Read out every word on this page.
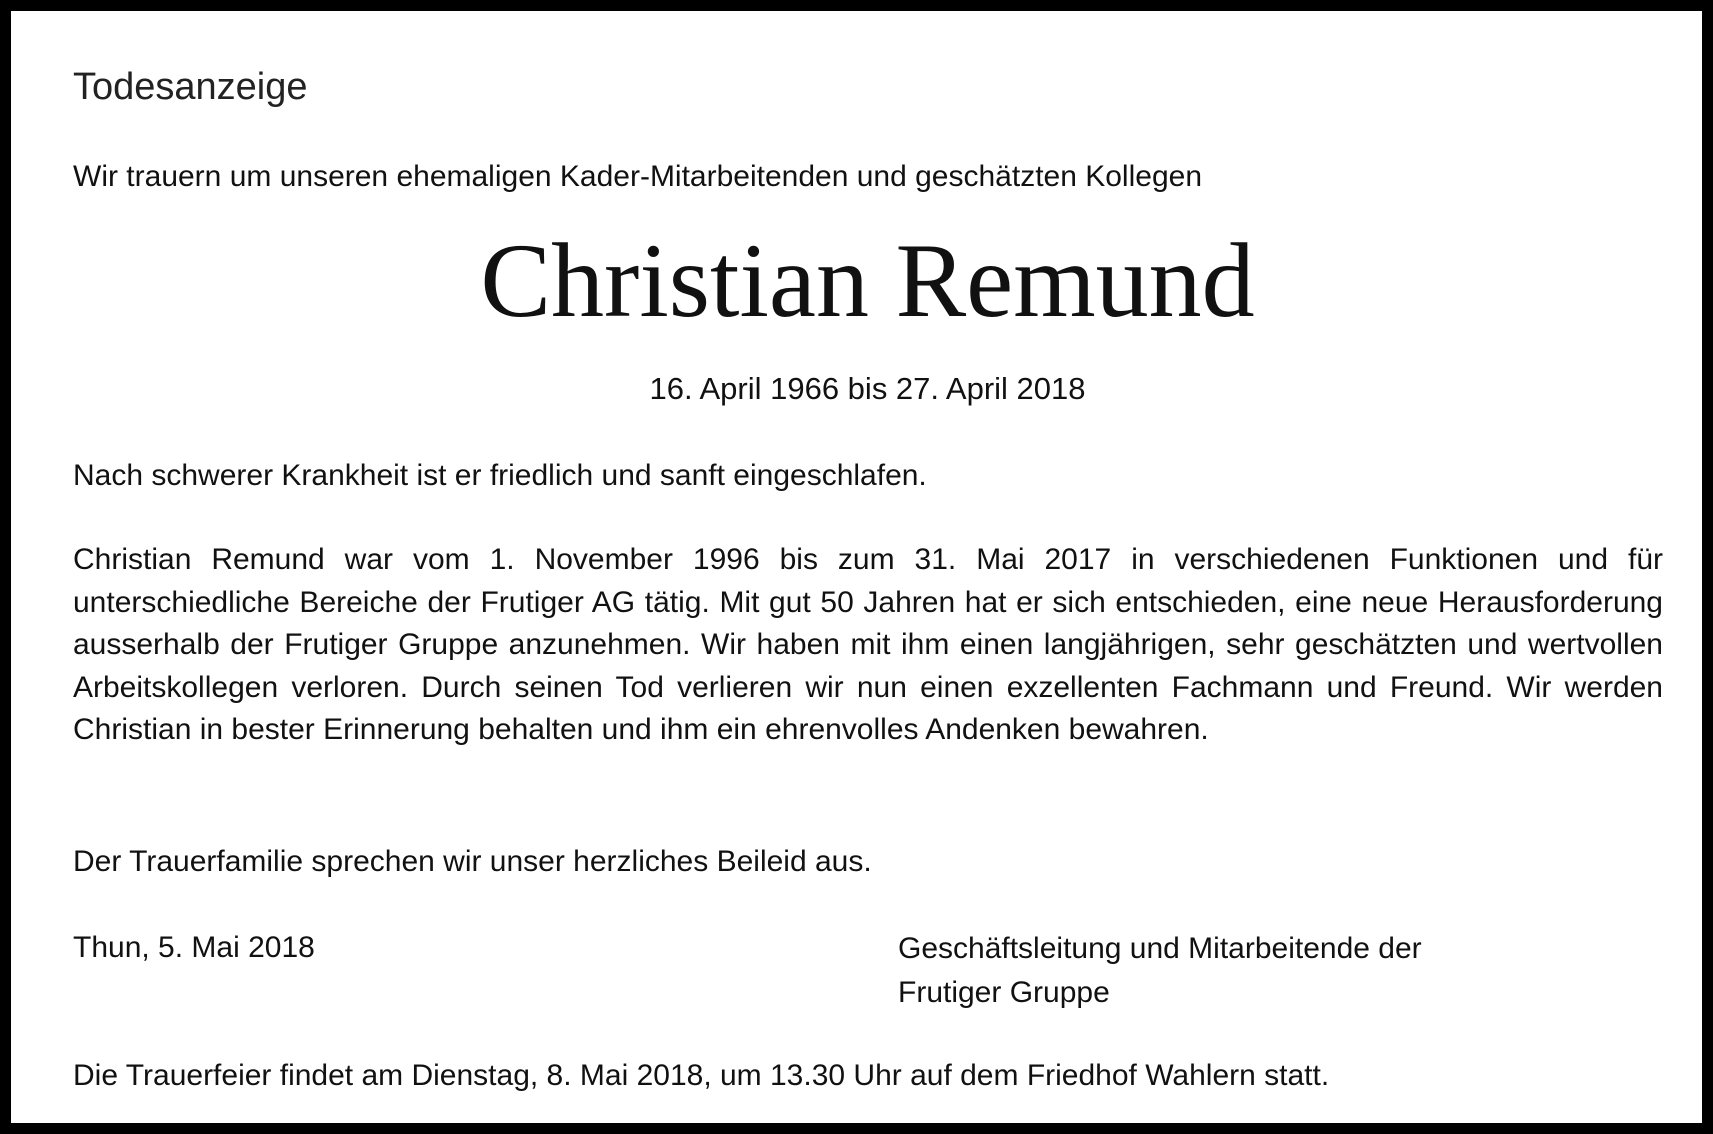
Todesanzeige
Wir trauern um unseren ehemaligen Kader-Mitarbeitenden und geschätzten Kollegen
Christian Remund
16. April 1966 bis 27. April 2018
Nach schwerer Krankheit ist er friedlich und sanft eingeschlafen.
Christian Remund war vom 1. November 1996 bis zum 31. Mai 2017 in verschiedenen Funktionen und für unterschiedliche Bereiche der Frutiger AG tätig. Mit gut 50 Jahren hat er sich entschieden, eine neue Herausforderung ausserhalb der Frutiger Gruppe anzunehmen. Wir haben mit ihm einen langjährigen, sehr geschätzten und wertvollen Arbeitskollegen verloren. Durch seinen Tod verlieren wir nun einen exzellenten Fachmann und Freund. Wir werden Christian in bester Erinnerung behalten und ihm ein ehrenvolles Andenken bewahren.
Der Trauerfamilie sprechen wir unser herzliches Beileid aus.
Thun, 5. Mai 2018	Geschäftsleitung und Mitarbeitende der
Frutiger Gruppe
Die Trauerfeier findet am Dienstag, 8. Mai 2018, um 13.30 Uhr auf dem Friedhof Wahlern statt.
